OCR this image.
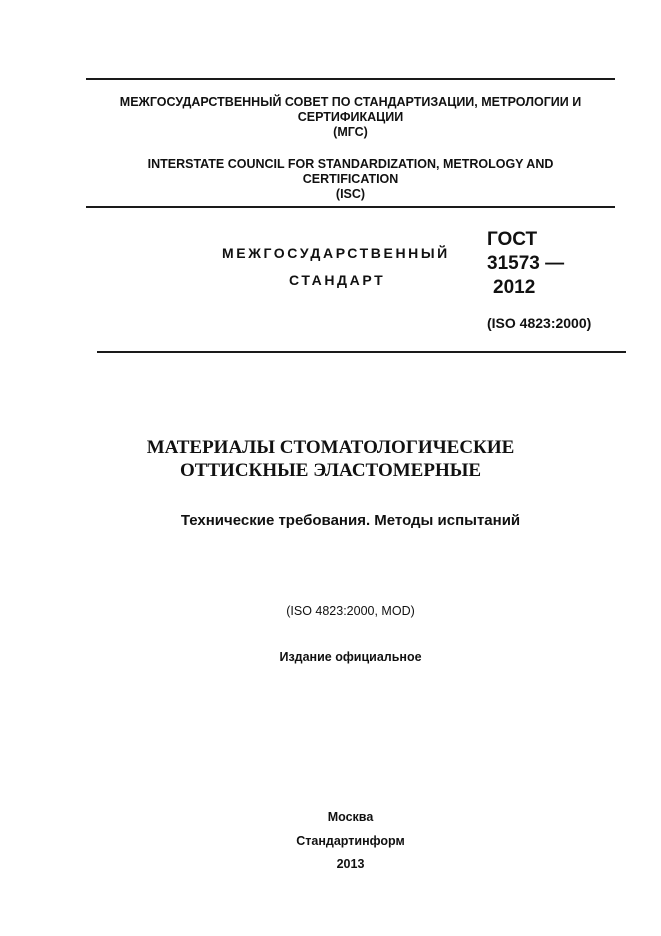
МЕЖГОСУДАРСТВЕННЫЙ СОВЕТ ПО СТАНДАРТИЗАЦИИ, МЕТРОЛОГИИ И
СЕРТИФИКАЦИИ
(МГС)
INTERSTATE COUNCIL FOR STANDARDIZATION, METROLOGY AND
CERTIFICATION
(ISC)
МЕЖГОСУДАРСТВЕННЫЙ
СТАНДАРТ
ГОСТ
31573 —
2012
(ISO 4823:2000)
МАТЕРИАЛЫ СТОМАТОЛОГИЧЕСКИЕ
ОТТИСКНЫЕ ЭЛАСТОМЕРНЫЕ
Технические требования. Методы испытаний
(ISO 4823:2000, MOD)
Издание официальное
Москва
Стандартинформ
2013
